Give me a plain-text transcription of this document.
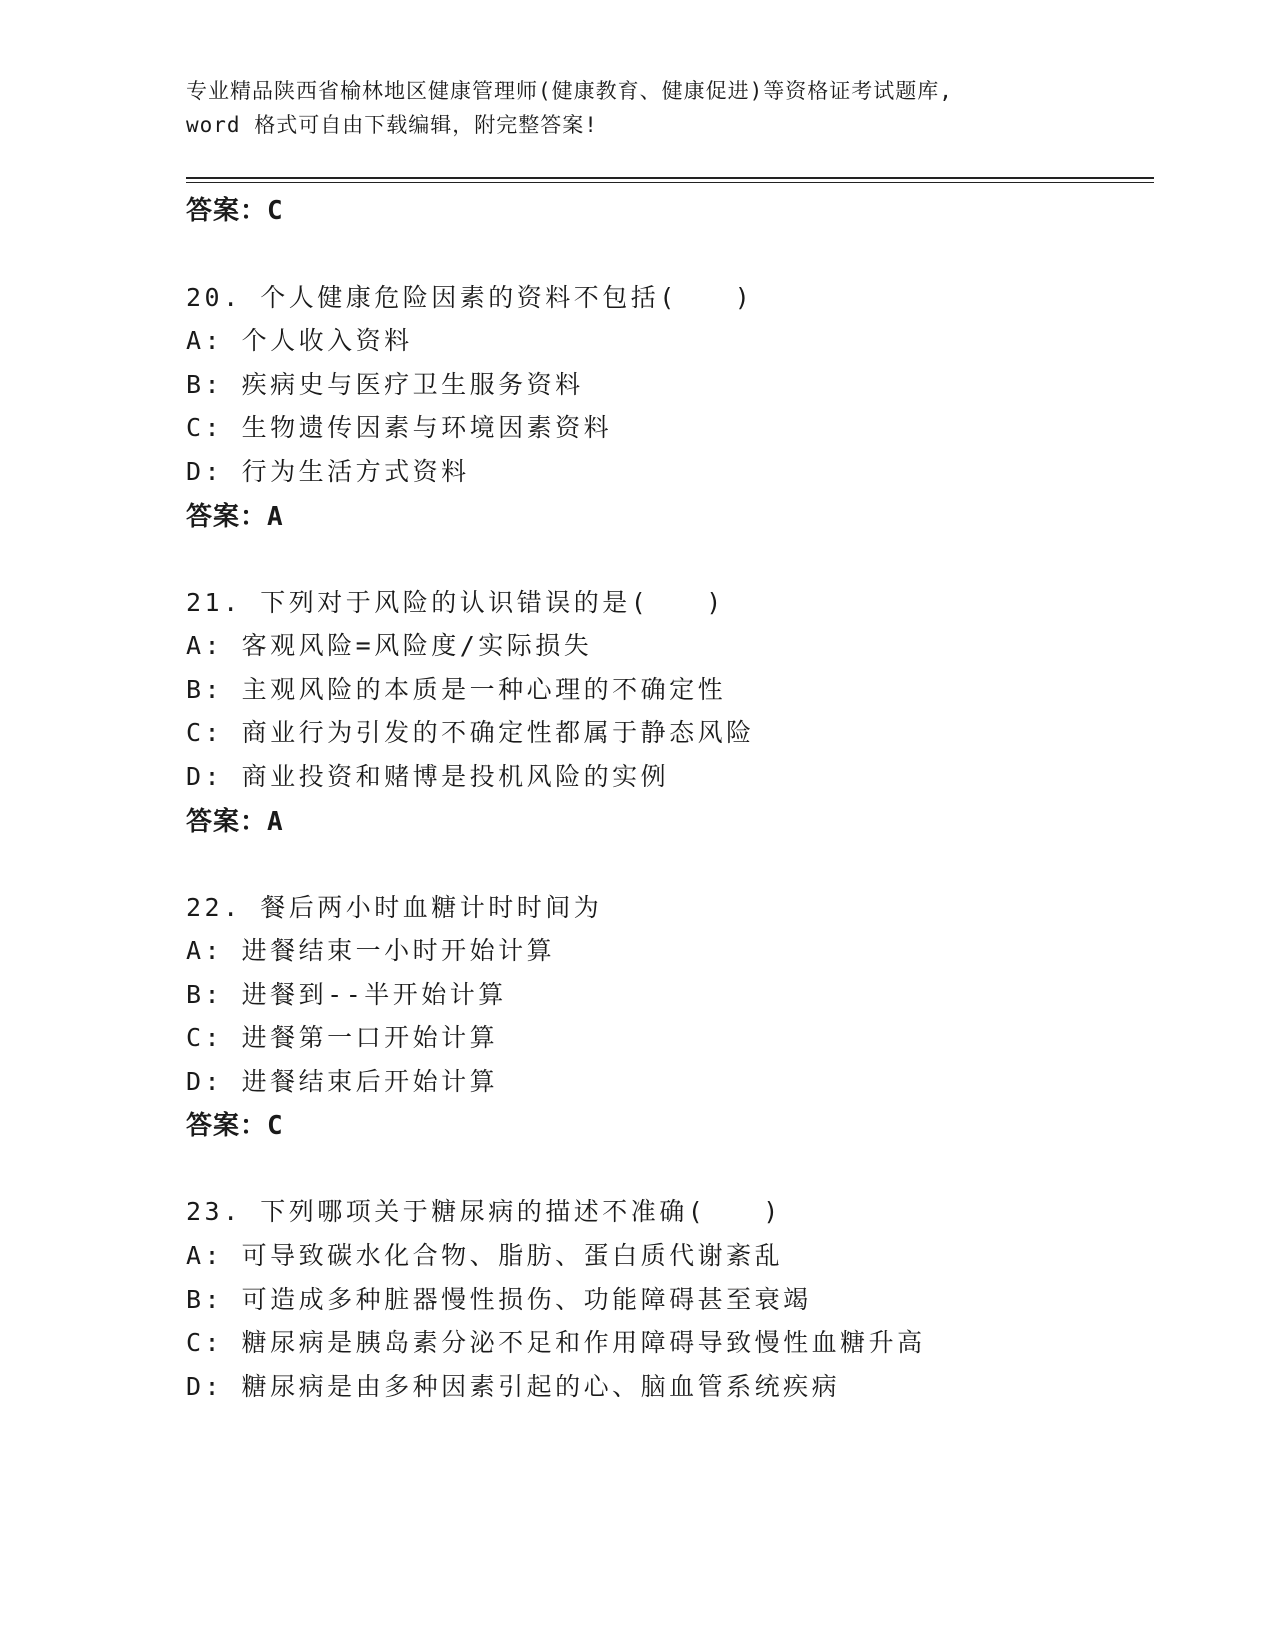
专业精品陕西省榆林地区健康管理师(健康教育、健康促进)等资格证考试题库,
word 格式可自由下载编辑，附完整答案!
答案：C
20. 个人健康危险因素的资料不包括(　　)
A: 个人收入资料
B: 疾病史与医疗卫生服务资料
C: 生物遗传因素与环境因素资料
D: 行为生活方式资料
答案：A
21. 下列对于风险的认识错误的是(　　)
A: 客观风险=风险度/实际损失
B: 主观风险的本质是一种心理的不确定性
C: 商业行为引发的不确定性都属于静态风险
D: 商业投资和赌博是投机风险的实例
答案：A
22. 餐后两小时血糖计时时间为
A: 进餐结束一小时开始计算
B: 进餐到--半开始计算
C: 进餐第一口开始计算
D: 进餐结束后开始计算
答案：C
23. 下列哪项关于糖尿病的描述不准确(　　)
A: 可导致碳水化合物、脂肪、蛋白质代谢紊乱
B: 可造成多种脏器慢性损伤、功能障碍甚至衰竭
C: 糖尿病是胰岛素分泌不足和作用障碍导致慢性血糖升高
D: 糖尿病是由多种因素引起的心、脑血管系统疾病
